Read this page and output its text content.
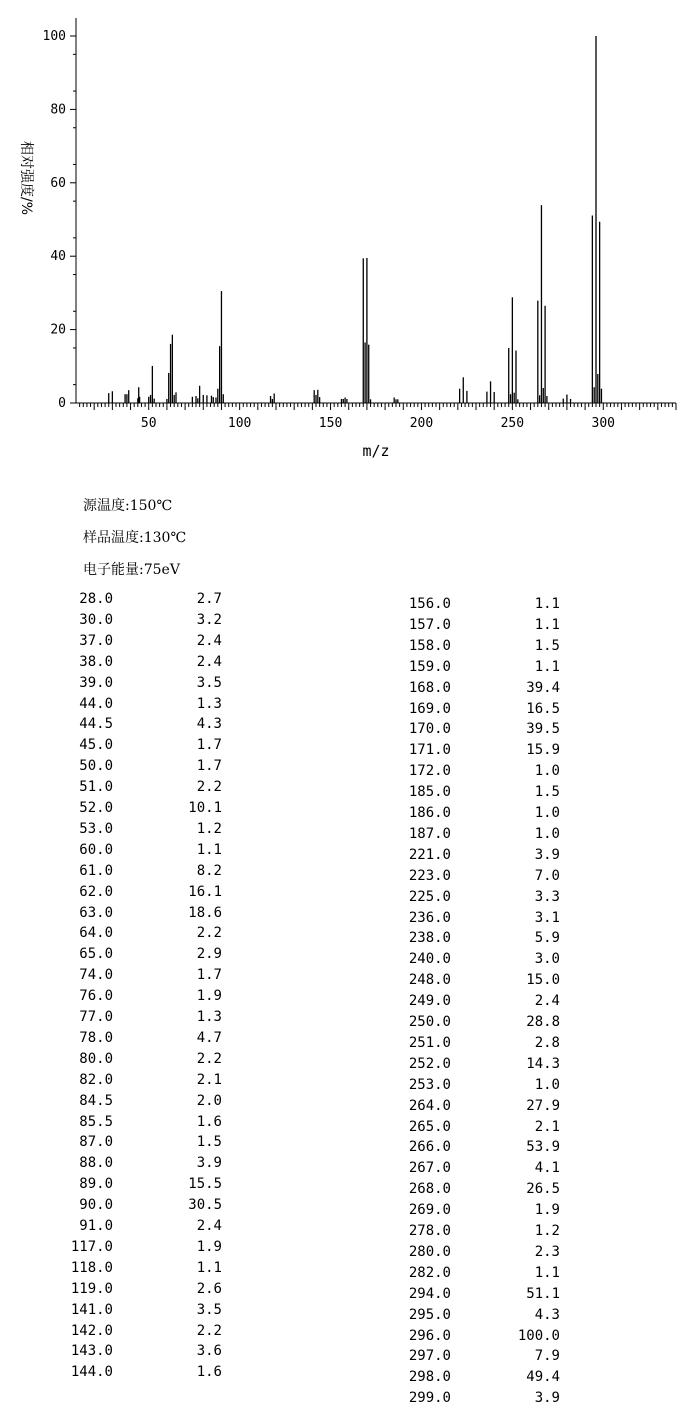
0
20
40
60
80
100
50	100	150	200	250	300
m/z
相对强度/%
源温度:150℃
样品温度:130℃
电子能量:75eV
28.0	2.7
30.0	3.2
37.0	2.4
38.0	2.4
39.0	3.5
44.0	1.3
44.5	4.3
45.0	1.7
50.0	1.7
51.0	2.2
52.0	10.1
53.0	1.2
60.0	1.1
61.0	8.2
62.0	16.1
63.0	18.6
64.0	2.2
65.0	2.9
74.0	1.7
76.0	1.9
77.0	1.3
78.0	4.7
80.0	2.2
82.0	2.1
84.5	2.0
85.5	1.6
87.0	1.5
88.0	3.9
89.0	15.5
90.0	30.5
91.0	2.4
117.0	1.9
118.0	1.1
119.0	2.6
141.0	3.5
142.0	2.2
143.0	3.6
144.0	1.6
156.0	1.1
157.0	1.1
158.0	1.5
159.0	1.1
168.0	39.4
169.0	16.5
170.0	39.5
171.0	15.9
172.0	1.0
185.0	1.5
186.0	1.0
187.0	1.0
221.0	3.9
223.0	7.0
225.0	3.3
236.0	3.1
238.0	5.9
240.0	3.0
248.0	15.0
249.0	2.4
250.0	28.8
251.0	2.8
252.0	14.3
253.0	1.0
264.0	27.9
265.0	2.1
266.0	53.9
267.0	4.1
268.0	26.5
269.0	1.9
278.0	1.2
280.0	2.3
282.0	1.1
294.0	51.1
295.0	4.3
296.0	100.0
297.0	7.9
298.0	49.4
299.0	3.9
